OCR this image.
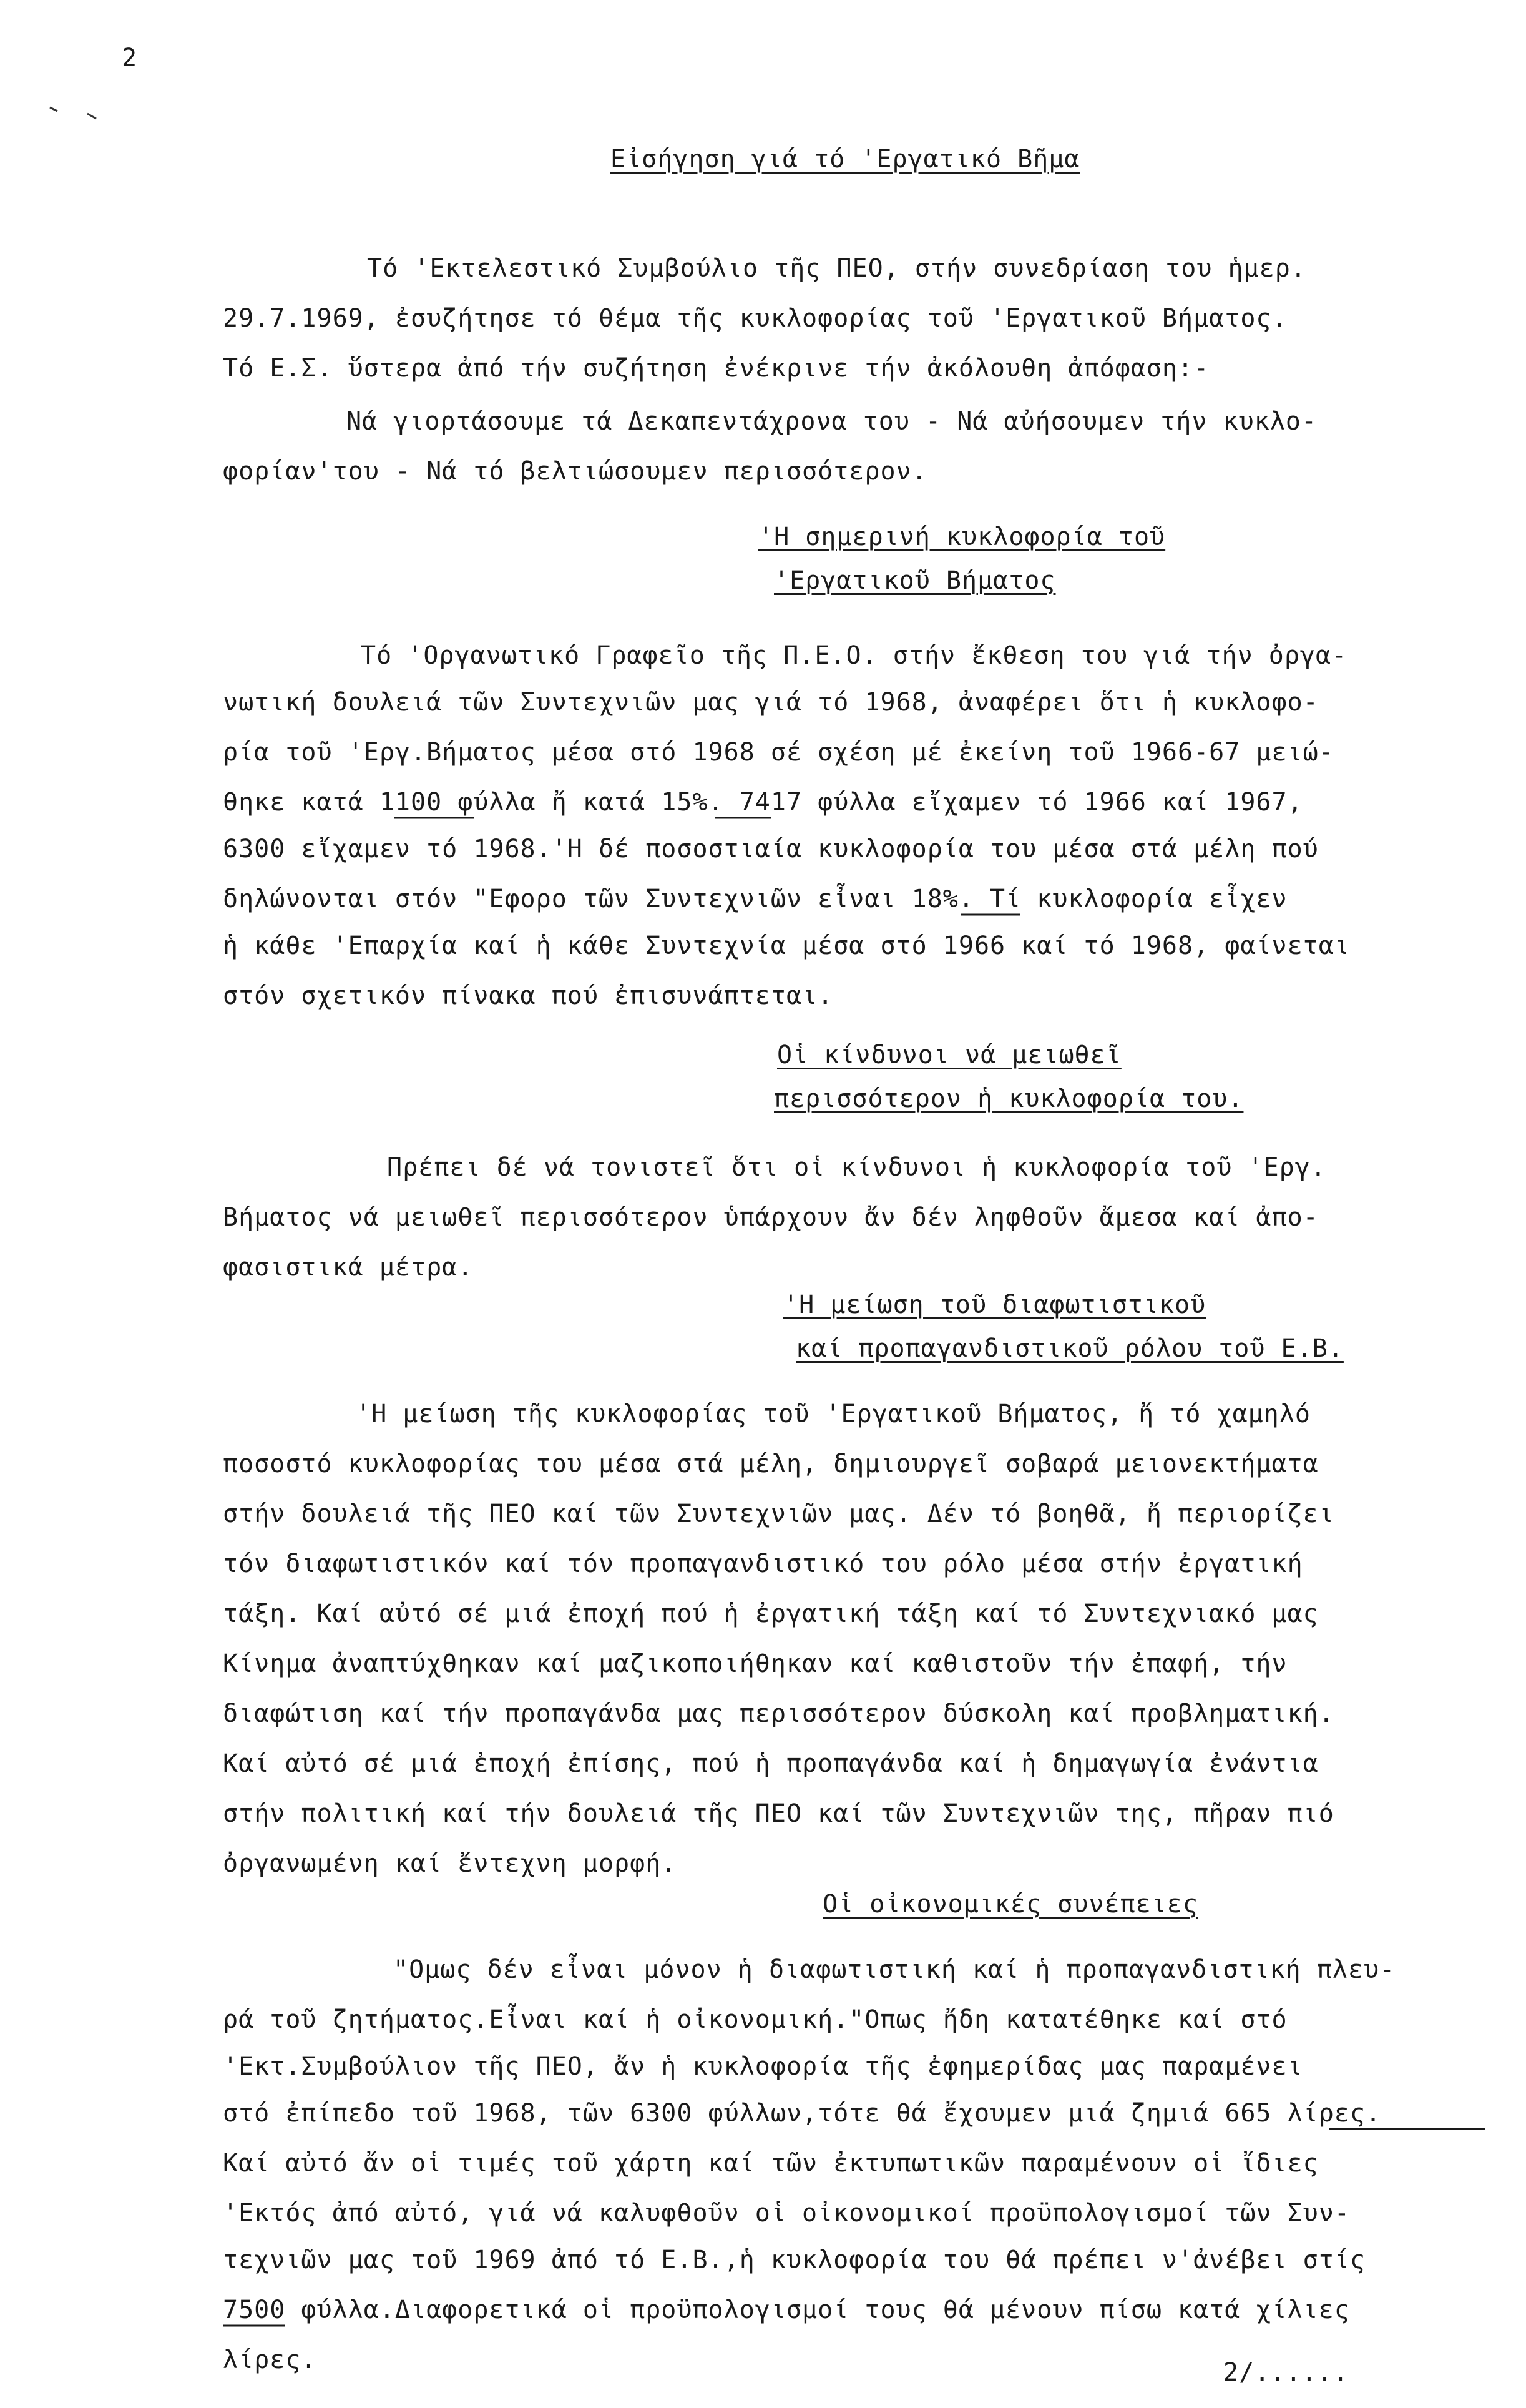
2
Εἰσήγηση γιά τό 'Εργατικό Βῆμα
Τό 'Εκτελεστικό Συμβούλιο τῆς ΠΕΟ, στήν συνεδρίαση του ἡμερ.
29.7.1969, ἐσυζήτησε τό θέμα τῆς κυκλοφορίας τοῦ 'Εργατικοῦ Βήματος.
Τό Ε.Σ. ὕστερα ἀπό τήν συζήτηση ἐνέκρινε τήν ἀκόλουθη ἀπόφαση:-
Νά γιορτάσουμε τά Δεκαπεντάχρονα του - Νά αὐήσουμεν τήν κυκλο-
φορίαν'του - Νά τό βελτιώσουμεν περισσότερον.
'Η σημερινή κυκλοφορία τοῦ
'Εργατικοῦ Βήματος
Τό 'Οργανωτικό Γραφεῖο τῆς Π.Ε.Ο. στήν ἔκθεση του γιά τήν ὀργα-
νωτική δουλειά τῶν Συντεχνιῶν μας γιά τό 1968, ἀναφέρει ὅτι ἡ κυκλοφο-
ρία τοῦ 'Εργ.Βήματος μέσα στό 1968 σέ σχέση μέ ἐκείνη τοῦ 1966-67 μειώ-
θηκε κατά 1100 φύλλα ἤ κατά 15%. 7417 φύλλα εἴχαμεν τό 1966 καί 1967,
6300 εἴχαμεν τό 1968.'Η δέ ποσοστιαία κυκλοφορία του μέσα στά μέλη πού
δηλώνονται στόν "Εφορο τῶν Συντεχνιῶν εἶναι 18%. Τί κυκλοφορία εἶχεν
ἡ κάθε 'Επαρχία καί ἡ κάθε Συντεχνία μέσα στό 1966 καί τό 1968, φαίνεται
στόν σχετικόν πίνακα πού ἐπισυνάπτεται.
Οἱ κίνδυνοι νά μειωθεῖ
περισσότερον ἡ κυκλοφορία του.
Πρέπει δέ νά τονιστεῖ ὅτι οἱ κίνδυνοι ἡ κυκλοφορία τοῦ 'Εργ.
Βήματος νά μειωθεῖ περισσότερον ὑπάρχουν ἄν δέν ληφθοῦν ἄμεσα καί ἀπο-
φασιστικά μέτρα.
'Η μείωση τοῦ διαφωτιστικοῦ
καί προπαγανδιστικοῦ ρόλου τοῦ Ε.Β.
'Η μείωση τῆς κυκλοφορίας τοῦ 'Εργατικοῦ Βήματος, ἤ τό χαμηλό
ποσοστό κυκλοφορίας του μέσα στά μέλη, δημιουργεῖ σοβαρά μειονεκτήματα
στήν δουλειά τῆς ΠΕΟ καί τῶν Συντεχνιῶν μας. Δέν τό βοηθᾶ, ἤ περιορίζει
τόν διαφωτιστικόν καί τόν προπαγανδιστικό του ρόλο μέσα στήν ἐργατική
τάξη. Καί αὐτό σέ μιά ἐποχή πού ἡ ἐργατική τάξη καί τό Συντεχνιακό μας
Κίνημα ἀναπτύχθηκαν καί μαζικοποιήθηκαν καί καθιστοῦν τήν ἐπαφή, τήν
διαφώτιση καί τήν προπαγάνδα μας περισσότερον δύσκολη καί προβληματική.
Καί αὐτό σέ μιά ἐποχή ἐπίσης, πού ἡ προπαγάνδα καί ἡ δημαγωγία ἐνάντια
στήν πολιτική καί τήν δουλειά τῆς ΠΕΟ καί τῶν Συντεχνιῶν της, πῆραν πιό
ὀργανωμένη καί ἔντεχνη μορφή.
Οἱ οἰκονομικές συνέπειες
"Ομως δέν εἶναι μόνον ἡ διαφωτιστική καί ἡ προπαγανδιστική πλευ-
ρά τοῦ ζητήματος.Εἶναι καί ἡ οἰκονομική."Οπως ἤδη κατατέθηκε καί στό
'Εκτ.Συμβούλιον τῆς ΠΕΟ, ἄν ἡ κυκλοφορία τῆς ἐφημερίδας μας παραμένει
στό ἐπίπεδο τοῦ 1968, τῶν 6300 φύλλων,τότε θά ἔχουμεν μιά ζημιά 665 λίρες.
Καί αὐτό ἄν οἱ τιμές τοῦ χάρτη καί τῶν ἐκτυπωτικῶν παραμένουν οἱ ἴδιες
'Εκτός ἀπό αὐτό, γιά νά καλυφθοῦν οἱ οἰκονομικοί προϋπολογισμοί τῶν Συν-
τεχνιῶν μας τοῦ 1969 ἀπό τό Ε.Β.,ἡ κυκλοφορία του θά πρέπει ν'ἀνέβει στίς
7500 φύλλα.Διαφορετικά οἱ προϋπολογισμοί τους θά μένουν πίσω κατά χίλιες
λίρες.	2/......
